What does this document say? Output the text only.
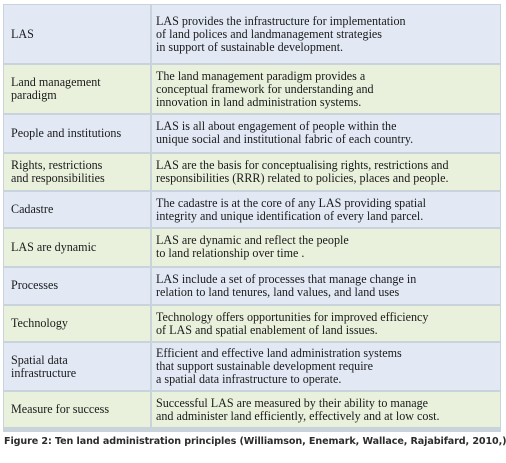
LAS	LAS provides the infrastructure for implementation
of land polices and landmanagement strategies
in support of sustainable development.
Land management
paradigm	The land management paradigm provides a
conceptual framework for understanding and
innovation in land administration systems.
People and institutions	LAS is all about engagement of people within the
unique social and institutional fabric of each country.
Rights, restrictions
and responsibilities	LAS are the basis for conceptualising rights, restrictions and
responsibilities (RRR) related to policies, places and people.
Cadastre	The cadastre is at the core of any LAS providing spatial
integrity and unique identification of every land parcel.
LAS are dynamic	LAS are dynamic and reflect the people
to land relationship over time .
Processes	LAS include a set of processes that manage change in
relation to land tenures, land values, and land uses
Technology	Technology offers opportunities for improved efficiency
of LAS and spatial enablement of land issues.
Spatial data
infrastructure	Efficient and effective land administration systems
that support sustainable development require
a spatial data infrastructure to operate.
Measure for success	Successful LAS are measured by their ability to manage
and administer land efficiently, effectively and at low cost.
Figure 2: Ten land administration principles (Williamson, Enemark, Wallace, Rajabifard, 2010,)
